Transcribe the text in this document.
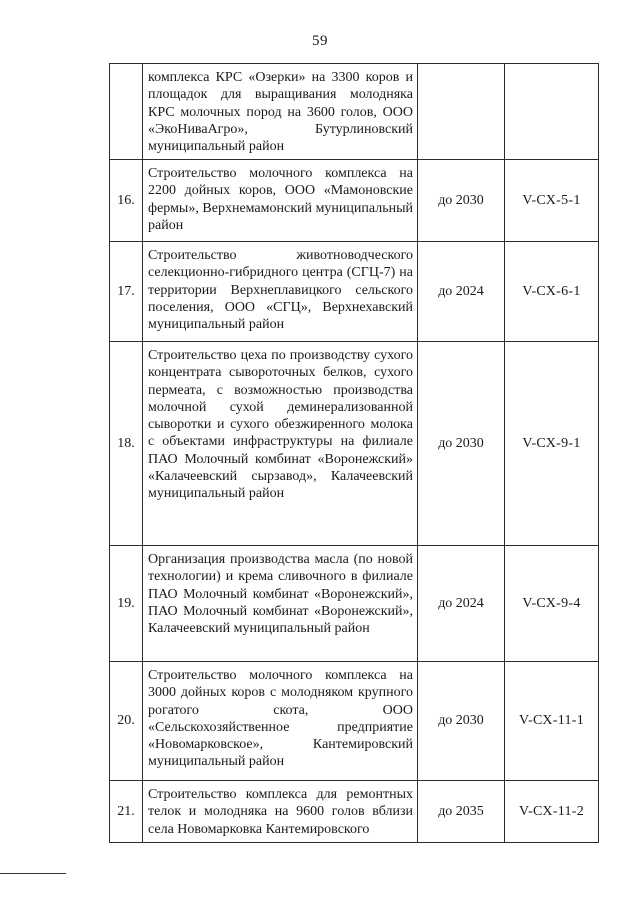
59
	комплекса КРС «Озерки» на 3300 коров и площадок для выращивания молодняка КРС молочных пород на 3600 голов, ООО «ЭкоНиваАгро», Бутурлиновский муниципальный район		
16.	Строительство молочного комплекса на 2200 дойных коров, ООО «Мамоновские фермы», Верхнемамонский муниципальный район	до 2030	V-СХ-5-1
17.	Строительство животноводческого селекционно-гибридного центра (СГЦ-7) на территории Верхнеплавицкого сельского поселения, ООО «СГЦ», Верхнехавский муниципальный район	до 2024	V-СХ-6-1
18.	Строительство цеха по производству сухого концентрата сывороточных белков, сухого пермеата, с возможностью производства молочной сухой деминерализованной сыворотки и сухого обезжиренного молока с объектами инфраструктуры на филиале ПАО Молочный комбинат «Воронежский» «Калачеевский сырзавод», Калачеевский муниципальный район	до 2030	V-СХ-9-1
19.	Организация производства масла (по новой технологии) и крема сливочного в филиале ПАО Молочный комбинат «Воронежский», ПАО Молочный комбинат «Воронежский», Калачеевский муниципальный район	до 2024	V-СХ-9-4
20.	Строительство молочного комплекса на 3000 дойных коров с молодняком крупного рогатого скота, ООО «Сельскохозяйственное предприятие «Новомарковское», Кантемировский муниципальный район	до 2030	V-СХ-11-1
21.	Строительство комплекса для ремонтных телок и молодняка на 9600 голов вблизи села Новомарковка Кантемировского	до 2035	V-СХ-11-2
